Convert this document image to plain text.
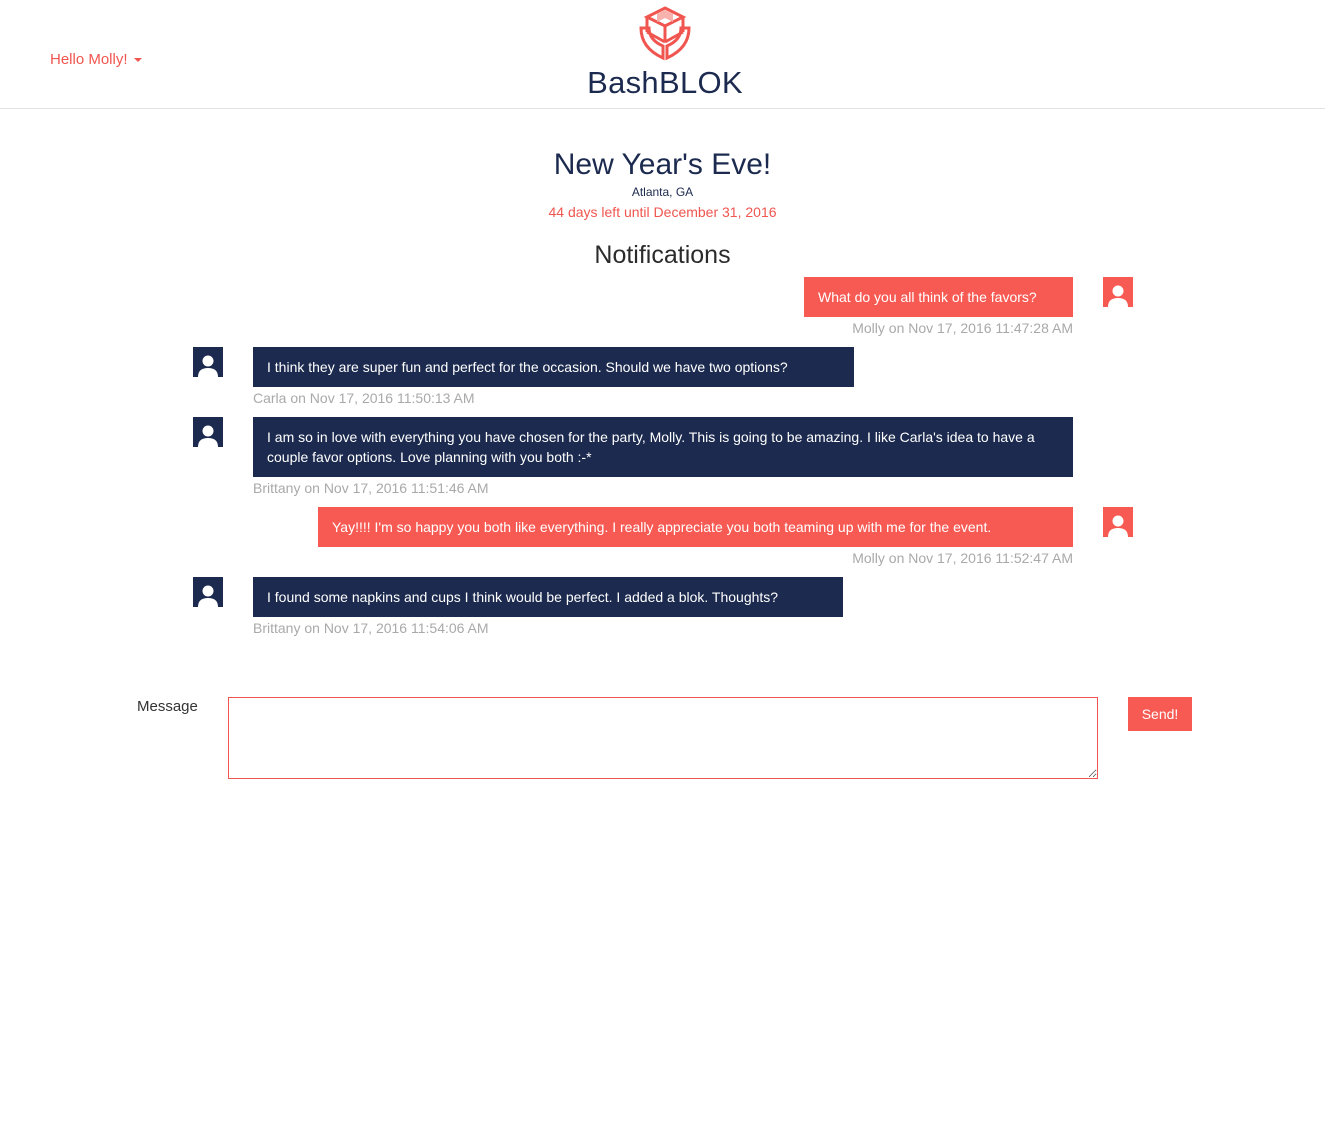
Hello Molly!
BashBLOK
New Year's Eve!
Atlanta, GA
44 days left until December 31, 2016
Notifications
What do you all think of the favors?
Molly on Nov 17, 2016 11:47:28 AM
I think they are super fun and perfect for the occasion. Should we have two options?
Carla on Nov 17, 2016 11:50:13 AM
I am so in love with everything you have chosen for the party, Molly. This is going to be amazing. I like Carla's idea to have a couple favor options. Love planning with you both :-*
Brittany on Nov 17, 2016 11:51:46 AM
Yay!!!! I'm so happy you both like everything. I really appreciate you both teaming up with me for the event.
Molly on Nov 17, 2016 11:52:47 AM
I found some napkins and cups I think would be perfect. I added a blok. Thoughts?
Brittany on Nov 17, 2016 11:54:06 AM
Message	Send!
